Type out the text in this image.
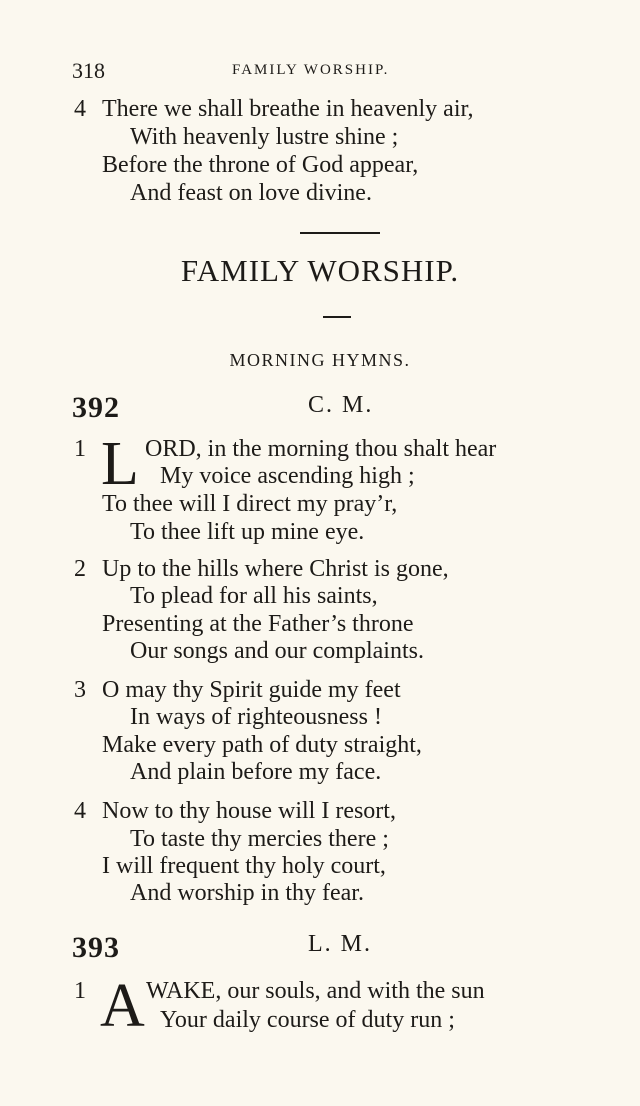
318	FAMILY WORSHIP.
4 There we shall breathe in heavenly air,
With heavenly lustre shine ;
Before the throne of God appear,
And feast on love divine.
FAMILY WORSHIP.
MORNING HYMNS.
392	C. M.
1 L ORD, in the morning thou shalt hear
My voice ascending high ;
To thee will I direct my pray’r,
To thee lift up mine eye.
2 Up to the hills where Christ is gone,
To plead for all his saints,
Presenting at the Father’s throne
Our songs and our complaints.
3 O may thy Spirit guide my feet
In ways of righteousness !
Make every path of duty straight,
And plain before my face.
4 Now to thy house will I resort,
To taste thy mercies there ;
I will frequent thy holy court,
And worship in thy fear.
393	L. M.
1 A WAKE, our souls, and with the sun
Your daily course of duty run ;
